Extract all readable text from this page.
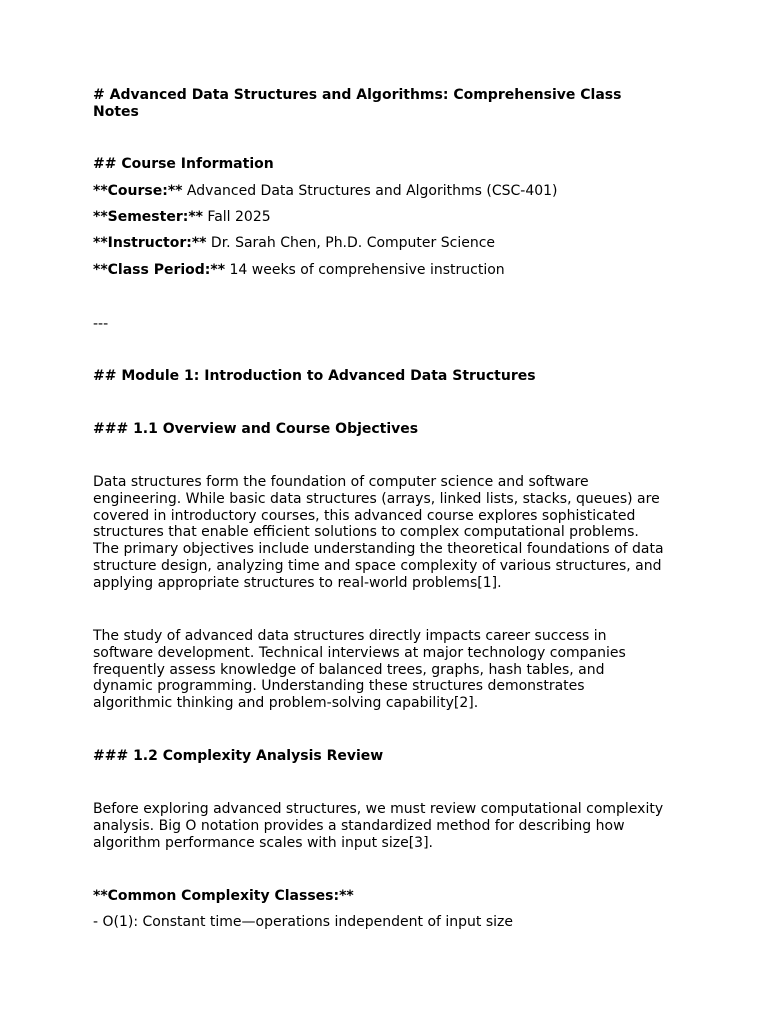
# Advanced Data Structures and Algorithms: Comprehensive Class Notes
## Course Information
**Course:** Advanced Data Structures and Algorithms (CSC-401)
**Semester:** Fall 2025
**Instructor:** Dr. Sarah Chen, Ph.D. Computer Science
**Class Period:** 14 weeks of comprehensive instruction
---
## Module 1: Introduction to Advanced Data Structures
### 1.1 Overview and Course Objectives
Data structures form the foundation of computer science and software
engineering. While basic data structures (arrays, linked lists, stacks, queues) are
covered in introductory courses, this advanced course explores sophisticated
structures that enable efficient solutions to complex computational problems.
The primary objectives include understanding the theoretical foundations of data
structure design, analyzing time and space complexity of various structures, and
applying appropriate structures to real-world problems[1].
The study of advanced data structures directly impacts career success in
software development. Technical interviews at major technology companies
frequently assess knowledge of balanced trees, graphs, hash tables, and
dynamic programming. Understanding these structures demonstrates
algorithmic thinking and problem-solving capability[2].
### 1.2 Complexity Analysis Review
Before exploring advanced structures, we must review computational complexity
analysis. Big O notation provides a standardized method for describing how
algorithm performance scales with input size[3].
**Common Complexity Classes:**
- O(1): Constant time—operations independent of input size
